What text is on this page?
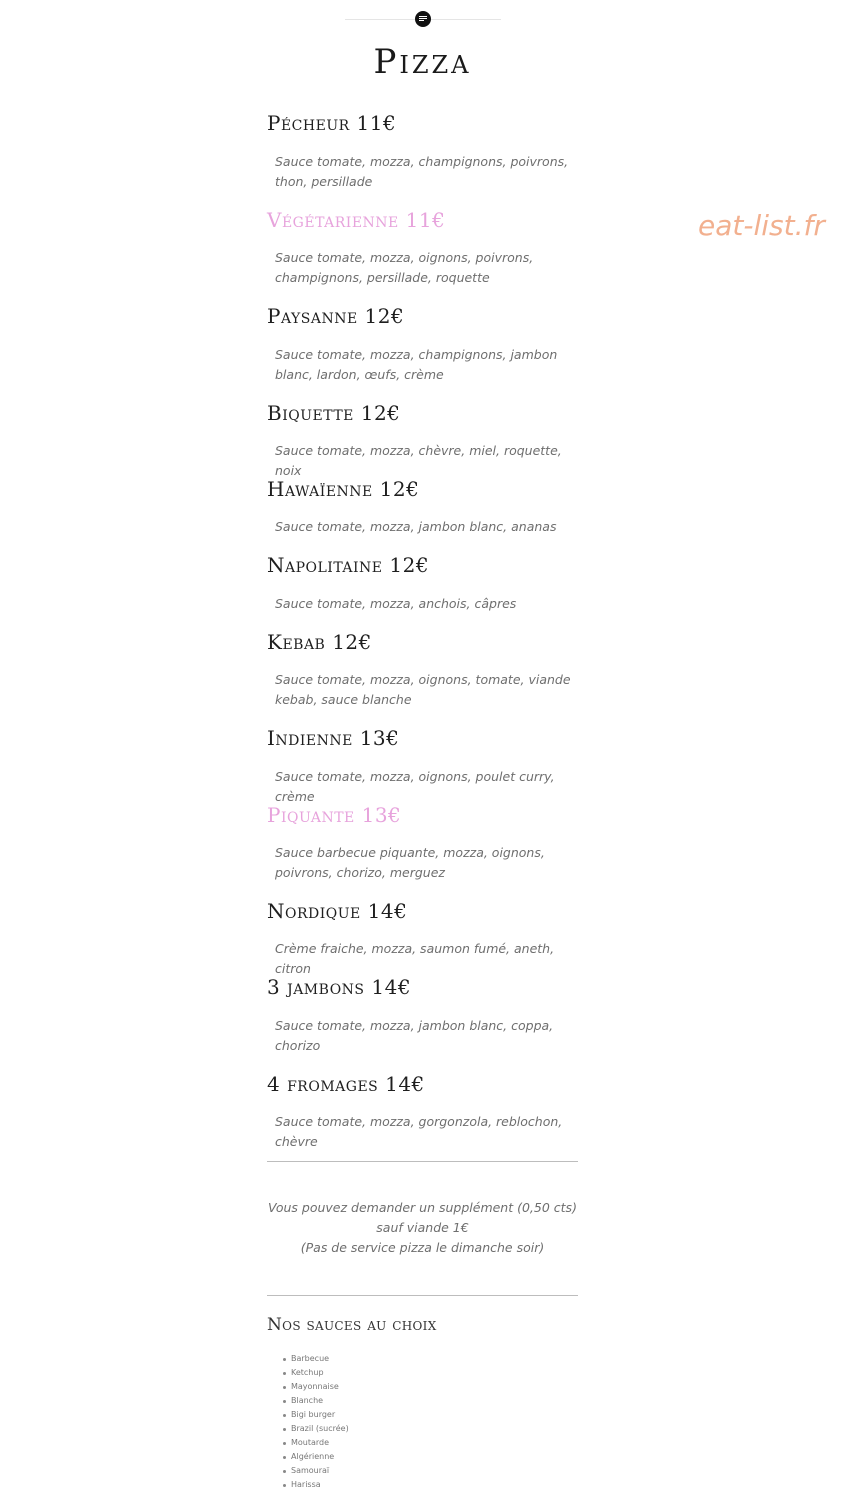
Pizza
eat-list.fr
Pécheur 11€
Sauce tomate, mozza, champignons, poivrons, thon, persillade
Végétarienne 11€
Sauce tomate, mozza, oignons, poivrons, champignons, persillade, roquette
Paysanne 12€
Sauce tomate, mozza, champignons, jambon blanc, lardon, œufs, crème
Biquette 12€
Sauce tomate, mozza, chèvre, miel, roquette, noix
Hawaïenne 12€
Sauce tomate, mozza, jambon blanc, ananas
Napolitaine 12€
Sauce tomate, mozza, anchois, câpres
Kebab 12€
Sauce tomate, mozza, oignons, tomate, viande kebab, sauce blanche
Indienne 13€
Sauce tomate, mozza, oignons, poulet curry, crème
Piquante 13€
Sauce barbecue piquante, mozza, oignons, poivrons, chorizo, merguez
Nordique 14€
Crème fraiche, mozza, saumon fumé, aneth, citron
3 jambons 14€
Sauce tomate, mozza, jambon blanc, coppa, chorizo
4 fromages 14€
Sauce tomate, mozza, gorgonzola, reblochon, chèvre
Vous pouvez demander un supplément (0,50 cts) sauf viande 1€
(Pas de service pizza le dimanche soir)
Nos sauces au choix
Barbecue
Ketchup
Mayonnaise
Blanche
Bigi burger
Brazil (sucrée)
Moutarde
Algérienne
Samouraï
Harissa
